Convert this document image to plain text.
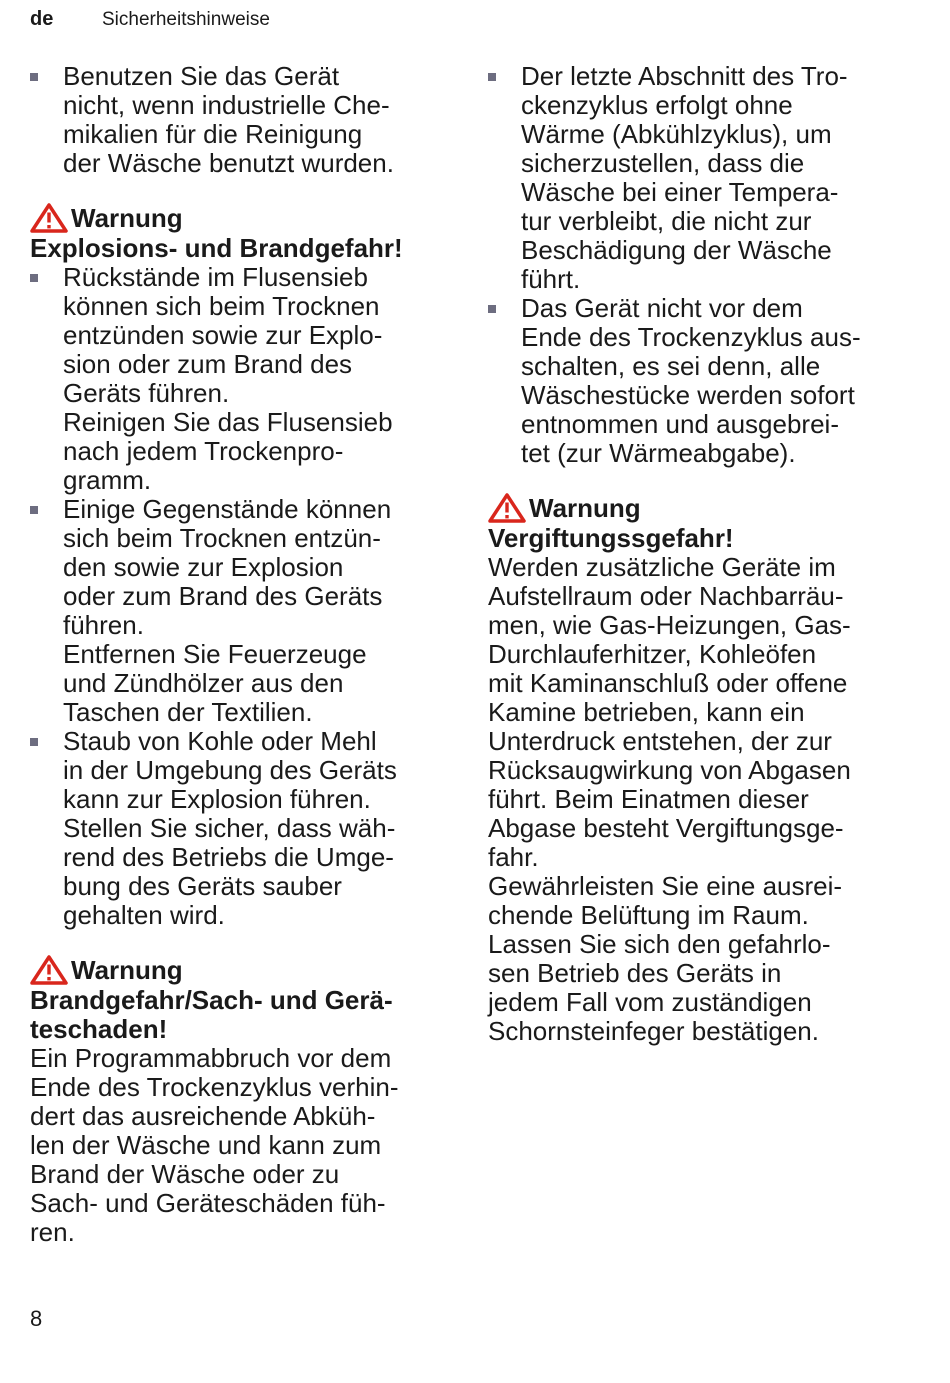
de	Sicherheitshinweise
Benutzen Sie das Gerät
nicht, wenn industrielle Che-
mikalien für die Reinigung
der Wäsche benutzt wurden.
Warnung
Explosions- und Brandgefahr!
Rückstände im Flusensieb
können sich beim Trocknen
entzünden sowie zur Explo-
sion oder zum Brand des
Geräts führen.
Reinigen Sie das Flusensieb
nach jedem Trockenpro-
gramm.
Einige Gegenstände können
sich beim Trocknen entzün-
den sowie zur Explosion
oder zum Brand des Geräts
führen.
Entfernen Sie Feuerzeuge
und Zündhölzer aus den
Taschen der Textilien.
Staub von Kohle oder Mehl
in der Umgebung des Geräts
kann zur Explosion führen.
Stellen Sie sicher, dass wäh-
rend des Betriebs die Umge-
bung des Geräts sauber
gehalten wird.
Warnung
Brandgefahr/Sach- und Gerä-
teschaden!
Ein Programmabbruch vor dem
Ende des Trockenzyklus verhin-
dert das ausreichende Abküh-
len der Wäsche und kann zum
Brand der Wäsche oder zu
Sach- und Geräteschäden füh-
ren.
Der letzte Abschnitt des Tro-
ckenzyklus erfolgt ohne
Wärme (Abkühlzyklus), um
sicherzustellen, dass die
Wäsche bei einer Tempera-
tur verbleibt, die nicht zur
Beschädigung der Wäsche
führt.
Das Gerät nicht vor dem
Ende des Trockenzyklus aus-
schalten, es sei denn, alle
Wäschestücke werden sofort
entnommen und ausgebrei-
tet (zur Wärmeabgabe).
Warnung
Vergiftungssgefahr!
Werden zusätzliche Geräte im
Aufstellraum oder Nachbarräu-
men, wie Gas-Heizungen, Gas-
Durchlauferhitzer, Kohleöfen
mit Kaminanschluß oder offene
Kamine betrieben, kann ein
Unterdruck entstehen, der zur
Rücksaugwirkung von Abgasen
führt. Beim Einatmen dieser
Abgase besteht Vergiftungsge-
fahr.
Gewährleisten Sie eine ausrei-
chende Belüftung im Raum.
Lassen Sie sich den gefahrlo-
sen Betrieb des Geräts in
jedem Fall vom zuständigen
Schornsteinfeger bestätigen.
8
